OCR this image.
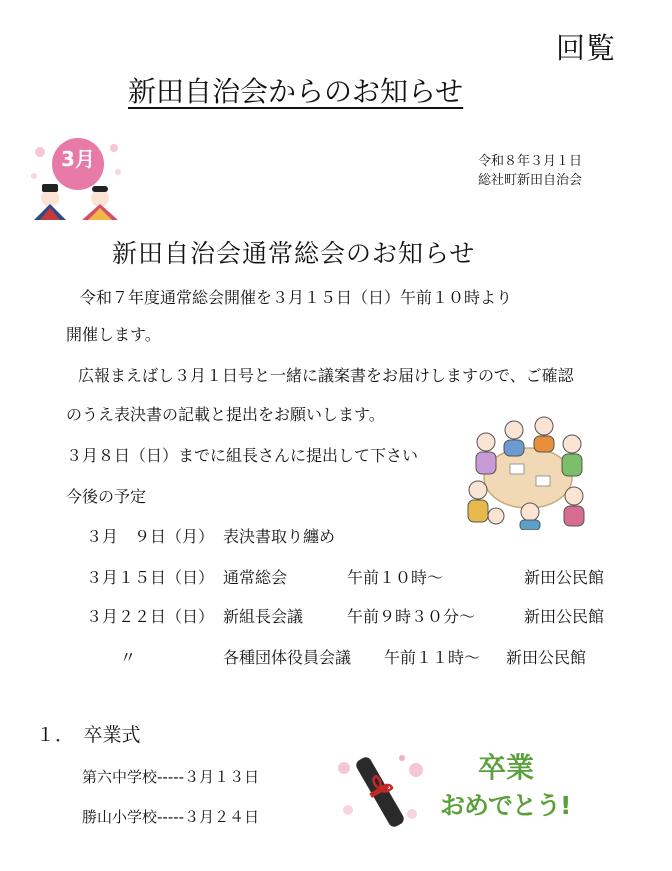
回覧
新田自治会からのお知らせ
3月	令和８年３月１日
総社町新田自治会
新田自治会通常総会のお知らせ
令和７年度通常総会開催を３月１５日（日）午前１０時より
開催します。
広報まえばし３月１日号と一緒に議案書をお届けしますので、ご確認
のうえ表決書の記載と提出をお願いします。
３月８日（日）までに組長さんに提出して下さい
今後の予定
３月　９日（月） 表決書取り纏め
３月１５日（日） 通常総会	午前１０時～	新田公民館
３月２２日（日） 新組長会議	午前９時３０分～	新田公民館
〃	各種団体役員会議 午前１１時～ 新田公民館
１．　卒業式
第六中学校-----３月１３日
勝山小学校-----３月２４日
卒業
おめでとう!
